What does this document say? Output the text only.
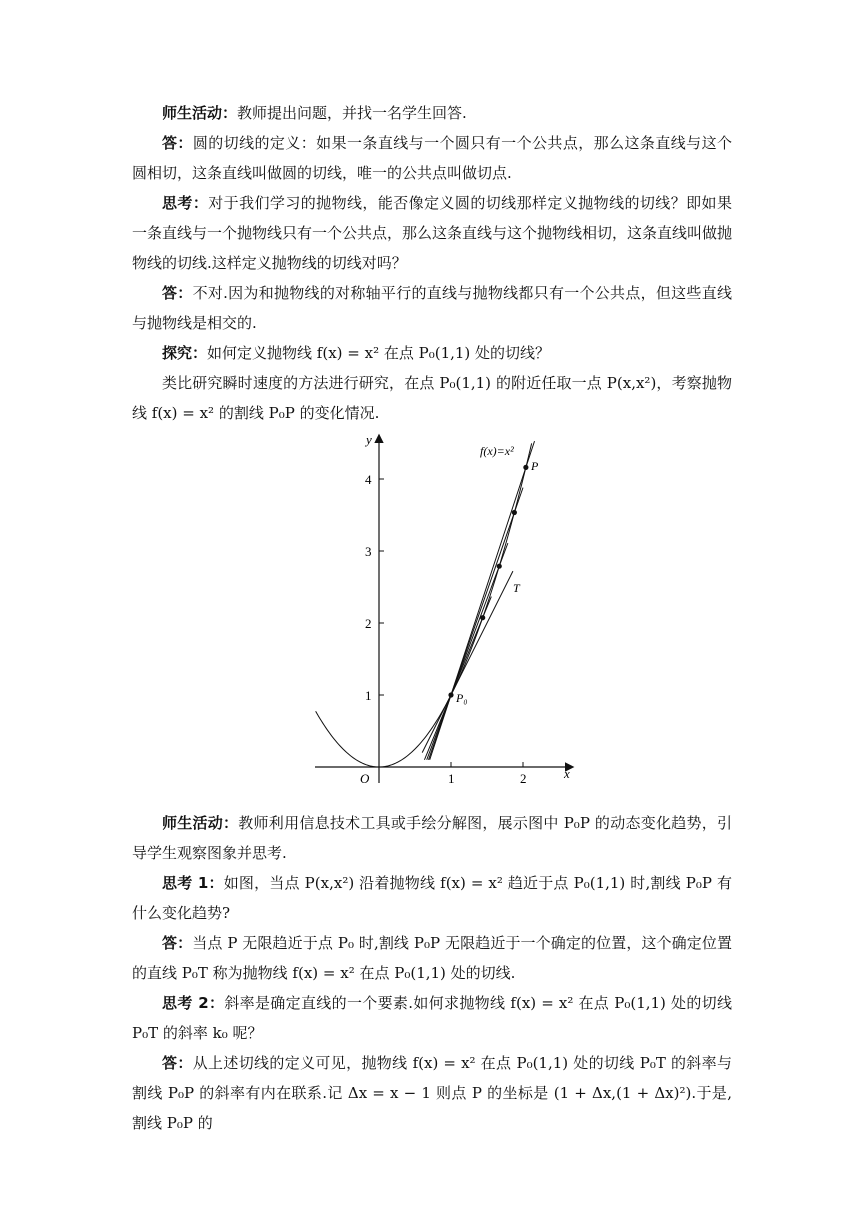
师生活动：教师提出问题，并找一名学生回答.

答：圆的切线的定义：如果一条直线与一个圆只有一个公共点，那么这条直线与这个圆相切，这条直线叫做圆的切线，唯一的公共点叫做切点.

思考：对于我们学习的抛物线，能否像定义圆的切线那样定义抛物线的切线？即如果一条直线与一个抛物线只有一个公共点，那么这条直线与这个抛物线相切，这条直线叫做抛物线的切线.这样定义抛物线的切线对吗？

答：不对.因为和抛物线的对称轴平行的直线与抛物线都只有一个公共点，但这些直线与抛物线是相交的.

探究：如何定义抛物线 f(x) = x² 在点 P₀(1,1) 处的切线？

类比研究瞬时速度的方法进行研究，在点 P₀(1,1) 的附近任取一点 P(x,x²)，考察抛物线 f(x) = x² 的割线 P₀P 的变化情况.

1	2
1
2
3
4
x
y
O
f(x)=x²
P
P₀
T

师生活动：教师利用信息技术工具或手绘分解图，展示图中 P₀P 的动态变化趋势，引导学生观察图象并思考.

思考 1：如图，当点 P(x,x²) 沿着抛物线 f(x) = x² 趋近于点 P₀(1,1) 时,割线 P₀P 有什么变化趋势?

答：当点 P 无限趋近于点 P₀ 时,割线 P₀P 无限趋近于一个确定的位置，这个确定位置的直线 P₀T 称为抛物线 f(x) = x² 在点 P₀(1,1) 处的切线.

思考 2：斜率是确定直线的一个要素.如何求抛物线 f(x) = x² 在点 P₀(1,1) 处的切线 P₀T 的斜率 k₀ 呢？

答：从上述切线的定义可见，抛物线 f(x) = x² 在点 P₀(1,1) 处的切线 P₀T 的斜率与割线 P₀P 的斜率有内在联系.记 Δx = x − 1 则点 P 的坐标是 (1 + Δx,(1 + Δx)²).于是,割线 P₀P 的
